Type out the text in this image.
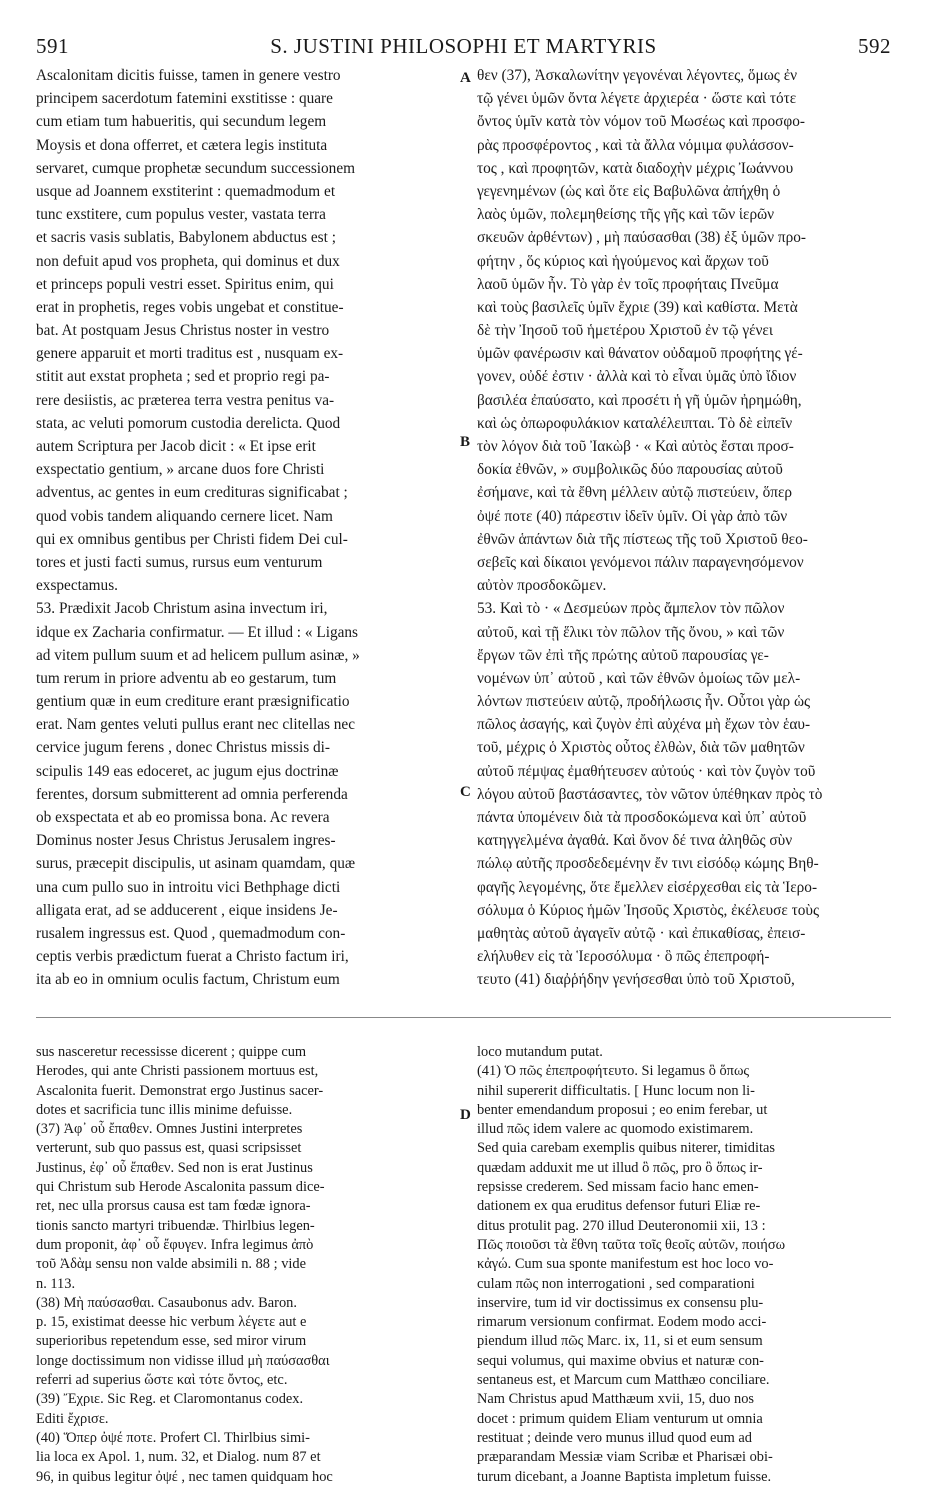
591	S. JUSTINI PHILOSOPHI ET MARTYRIS	592
Ascalonitam dicitis fuisse, tamen in genere vestro
principem sacerdotum fatemini exstitisse : quare
cum etiam tum habueritis, qui secundum legem
Moysis et dona offerret, et cætera legis instituta
servaret, cumque prophetæ secundum successionem
usque ad Joannem exstiterint : quemadmodum et
tunc exstitere, cum populus vester, vastata terra
et sacris vasis sublatis, Babylonem abductus est ;
non defuit apud vos propheta, qui dominus et dux
et princeps populi vestri esset. Spiritus enim, qui
erat in prophetis, reges vobis ungebat et constitue-
bat. At postquam Jesus Christus noster in vestro
genere apparuit et morti traditus est , nusquam ex-
stitit aut exstat propheta ; sed et proprio regi pa-
rere desiistis, ac præterea terra vestra penitus va-
stata, ac veluti pomorum custodia derelicta. Quod
autem Scriptura per Jacob dicit : « Et ipse erit
exspectatio gentium, » arcane duos fore Christi
adventus, ac gentes in eum credituras significabat ;
quod vobis tandem aliquando cernere licet. Nam
qui ex omnibus gentibus per Christi fidem Dei cul-
tores et justi facti sumus, rursus eum venturum
exspectamus.
53. Prædixit Jacob Christum asina invectum iri,
idque ex Zacharia confirmatur. — Et illud : « Ligans
ad vitem pullum suum et ad helicem pullum asinæ, »
tum rerum in priore adventu ab eo gestarum, tum
gentium quæ in eum crediture erant præsignificatio
erat. Nam gentes veluti pullus erant nec clitellas nec
cervice jugum ferens , donec Christus missis di-
scipulis 149 eas edoceret, ac jugum ejus doctrinæ
ferentes, dorsum submitterent ad omnia perferenda
ob exspectata et ab eo promissa bona. Ac revera
Dominus noster Jesus Christus Jerusalem ingres-
surus, præcepit discipulis, ut asinam quamdam, quæ
una cum pullo suo in introitu vici Bethphage dicti
alligata erat, ad se adducerent , eique insidens Je-
rusalem ingressus est. Quod , quemadmodum con-
ceptis verbis prædictum fuerat a Christo factum iri,
ita ab eo in omnium oculis factum, Christum eum
θεν (37), Ἀσκαλωνίτην γεγονέναι λέγοντες, ὅμως ἐν
τῷ γένει ὑμῶν ὄντα λέγετε ἀρχιερέα · ὥστε καὶ τότε
ὄντος ὑμῖν κατὰ τὸν νόμον τοῦ Μωσέως καὶ προσφο-
ρὰς προσφέροντος , καὶ τὰ ἄλλα νόμιμα φυλάσσον-
τος , καὶ προφητῶν, κατὰ διαδοχὴν μέχρις Ἰωάννου
γεγενημένων (ὡς καὶ ὅτε εἰς Βαβυλῶνα ἀπήχθη ὁ
λαὸς ὑμῶν, πολεμηθείσης τῆς γῆς καὶ τῶν ἱερῶν
σκευῶν ἀρθέντων) , μὴ παύσασθαι (38) ἐξ ὑμῶν προ-
φήτην , ὅς κύριος καὶ ἡγούμενος καὶ ἄρχων τοῦ
λαοῦ ὑμῶν ἦν. Τὸ γὰρ ἐν τοῖς προφήταις Πνεῦμα
καὶ τοὺς βασιλεῖς ὑμῖν ἔχριε (39) καὶ καθίστα. Μετὰ
δὲ τὴν Ἰησοῦ τοῦ ἡμετέρου Χριστοῦ ἐν τῷ γένει
ὑμῶν φανέρωσιν καὶ θάνατον οὐδαμοῦ προφήτης γέ-
γονεν, οὐδέ ἐστιν · ἀλλὰ καὶ τὸ εἶναι ὑμᾶς ὑπὸ ἴδιον
βασιλέα ἐπαύσατο, καὶ προσέτι ἡ γῆ ὑμῶν ἠρημώθη,
καὶ ὡς ὀπωροφυλάκιον καταλέλειπται. Τὸ δὲ εἰπεῖν
τὸν λόγον διὰ τοῦ Ἰακὼβ · « Καὶ αὐτὸς ἔσται προσ-
δοκία ἐθνῶν, » συμβολικῶς δύο παρουσίας αὐτοῦ
ἐσήμανε, καὶ τὰ ἔθνη μέλλειν αὐτῷ πιστεύειν, ὅπερ
ὀψέ ποτε (40) πάρεστιν ἰδεῖν ὑμῖν. Οἱ γὰρ ἀπὸ τῶν
ἐθνῶν ἁπάντων διὰ τῆς πίστεως τῆς τοῦ Χριστοῦ θεο-
σεβεῖς καὶ δίκαιοι γενόμενοι πάλιν παραγενησόμενον
αὐτὸν προσδοκῶμεν.
53. Καὶ τὸ · « Δεσμεύων πρὸς ἄμπελον τὸν πῶλον
αὐτοῦ, καὶ τῇ ἕλικι τὸν πῶλον τῆς ὄνου, » καὶ τῶν
ἔργων τῶν ἐπὶ τῆς πρώτης αὐτοῦ παρουσίας γε-
νομένων ὑπ᾽ αὐτοῦ , καὶ τῶν ἐθνῶν ὁμοίως τῶν μελ-
λόντων πιστεύειν αὐτῷ, προδήλωσις ἦν. Οὗτοι γὰρ ὡς
πῶλος ἀσαγής, καὶ ζυγὸν ἐπὶ αὐχένα μὴ ἔχων τὸν ἑαυ-
τοῦ, μέχρις ὁ Χριστὸς οὗτος ἐλθὼν, διὰ τῶν μαθητῶν
αὐτοῦ πέμψας ἐμαθήτευσεν αὐτούς · καὶ τὸν ζυγὸν τοῦ
λόγου αὐτοῦ βαστάσαντες, τὸν νῶτον ὑπέθηκαν πρὸς τὸ
πάντα ὑπομένειν διὰ τὰ προσδοκώμενα καὶ ὑπ᾽ αὐτοῦ
κατηγγελμένα ἀγαθά. Καὶ ὄνον δέ τινα ἀληθῶς σὺν
πώλῳ αὐτῆς προσδεδεμένην ἔν τινι εἰσόδῳ κώμης Βηθ-
φαγῆς λεγομένης, ὅτε ἔμελλεν εἰσέρχεσθαι εἰς τὰ Ἱερο-
σόλυμα ὁ Κύριος ἡμῶν Ἰησοῦς Χριστὸς, ἐκέλευσε τοὺς
μαθητὰς αὐτοῦ ἀγαγεῖν αὐτῷ · καὶ ἐπικαθίσας, ἐπεισ-
ελήλυθεν εἰς τὰ Ἱεροσόλυμα · ὃ πῶς ἐπεπροφή-
τευτο (41) διαῤῥήδην γενήσεσθαι ὑπὸ τοῦ Χριστοῦ,
A
B
C
D
sus nasceretur recessisse dicerent ; quippe cum
Herodes, qui ante Christi passionem mortuus est,
Ascalonita fuerit. Demonstrat ergo Justinus sacer-
dotes et sacrificia tunc illis minime defuisse.
(37) Ἀφ᾽ οὗ ἔπαθεν. Omnes Justini interpretes
verterunt, sub quo passus est, quasi scripsisset
Justinus, ἐφ᾽ οὗ ἔπαθεν. Sed non is erat Justinus
qui Christum sub Herode Ascalonita passum dice-
ret, nec ulla prorsus causa est tam fœdæ ignora-
tionis sancto martyri tribuendæ. Thirlbius legen-
dum proponit, ἀφ᾽ οὗ ἔφυγεν. Infra legimus ἀπὸ
τοῦ Ἀδὰμ sensu non valde absimili n. 88 ; vide
n. 113.
(38) Μὴ παύσασθαι. Casaubonus adv. Baron.
p. 15, existimat deesse hic verbum λέγετε aut e
superioribus repetendum esse, sed miror virum
longe doctissimum non vidisse illud μὴ παύσασθαι
referri ad superius ὥστε καὶ τότε ὄντος, etc.
(39) Ἔχριε. Sic Reg. et Claromontanus codex.
Editi ἔχρισε.
(40) Ὅπερ ὀψέ ποτε. Profert Cl. Thirlbius simi-
lia loca ex Apol. 1, num. 32, et Dialog. num 87 et
96, in quibus legitur ὀψέ , nec tamen quidquam hoc
loco mutandum putat.
(41) Ὁ πῶς ἐπεπροφήτευτο. Si legamus ὃ ὅπως
nihil supererit difficultatis. [ Hunc locum non li-
benter emendandum proposui ; eo enim ferebar, ut
illud πῶς idem valere ac quomodo existimarem.
Sed quia carebam exemplis quibus niterer, timiditas
quædam adduxit me ut illud ὃ πῶς, pro ὃ ὅπως ir-
repsisse crederem. Sed missam facio hanc emen-
dationem ex qua eruditus defensor futuri Eliæ re-
ditus protulit pag. 270 illud Deuteronomii xii, 13 :
Πῶς ποιοῦσι τὰ ἔθνη ταῦτα τοῖς θεοῖς αὐτῶν, ποιήσω
κἀγώ. Cum sua sponte manifestum est hoc loco vo-
culam πῶς non interrogationi , sed comparationi
inservire, tum id vir doctissimus ex consensu plu-
rimarum versionum confirmat. Eodem modo acci-
piendum illud πῶς Marc. ix, 11, si et eum sensum
sequi volumus, qui maxime obvius et naturæ con-
sentaneus est, et Marcum cum Matthæo conciliare.
Nam Christus apud Matthæum xvii, 15, duo nos
docet : primum quidem Eliam venturum ut omnia
restituat ; deinde vero munus illud quod eum ad
præparandam Messiæ viam Scribæ et Pharisæi obi-
turum dicebant, a Joanne Baptista impletum fuisse.
